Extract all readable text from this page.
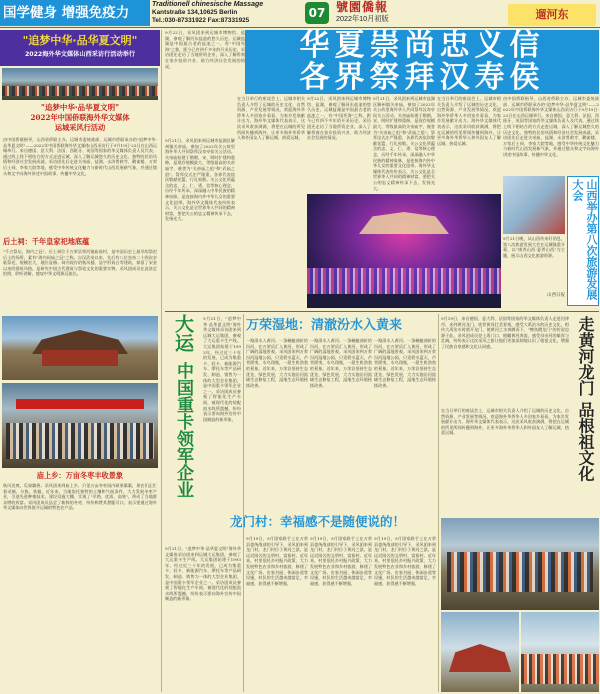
国学健身 增强免疫力
Traditionell chinesische Massage
Kantstraße 134,10625 Berlin
Tel.:030-87331922 Fax:87331925
07 號園僑報
2022年10月初版	遛河东
"追梦中华·品华夏文明"
2022海外华文媒体山西采访行活动举行
"追梦中华·品华夏文明"
2022年中国侨联海外华文媒体
运城采风行活动
由中国侨联指导，山西省侨联主办，运城市委统战部、运城市侨联承办的"追梦中华·品华夏文明"——2022年中国侨联海外华文媒体山西采访行于9月19日-23日在山西运城举行。来自德国、意大利、法国、西班牙、英国等国家的华文媒体负责人及代表，通过线上线下相结合的方式走进运城，深入了解运城悠久的历史文化、独特的民俗风情和经济社会发展成就。采访团先后走进关帝庙、盐湖、永济普救寺、鹳雀楼、万荣后土祠、李家大院等地，感受中华传统文化魅力与新时代山西发展新气象，并通过镜头和文字向海外讲述中国故事、传播中华文化。
后土祠：千年皇家祀地底蕴
"千古祭坛，海内之冠"。后土祠位于万荣县荣河镇庙前村，是中国历史上最早的祭祀后土的场所，素有"海内祠庙之冠"之称。自汉武帝以来，先后有八位皇帝二十四次亲临祭祀，规模宏大，地位显赫。祠内现存的秋风楼、品字形戏台等建筑，保留了宋金以来的建筑风格，是研究中国古代建筑与祭祀文化的重要实物。采风团成员在此驻足拍照，聆听讲解，感叹中华文明源远流长。
庙上乡：万亩冬枣丰收景象
秋风送爽，瓜果飘香。采风团来到庙上乡，只见万亩冬枣园内硕果累累，果农们正忙着采摘、分拣、装箱。近年来，当地依托独特的土壤和气候条件，大力发展冬枣产业，引进先进种植技术，建设设施大棚，实现了"早熟、优质、高效"，带动了当地群众增收致富。采风团成员品尝了新鲜的冬枣，纷纷称赞其甜脆可口，表示要通过海外华文媒体向世界推介运城的特色农产品。
9月22日，采风团来到运城市博物馆、盐湖，参观了解河东盐池的悠久历史。运城盐湖是中国最古老的盐池之一，有"中国死海"之称，距今已有四千多年的开采历史。采访团还走访了当地侨资企业，深入了解侨商在家乡投资兴业、助力经济社会发展的情况。
华夏崇尚忠义信
各界祭拜汉寿侯
9月21日，采风团来到运城市盐湖区解州镇关帝庙，参加了2022年关公故里海外华人共同祭拜汉寿亭侯关公活动。关帝庙始建于隋朝，宋、明时扩建和重修，是现存规模最大、等级最高的关帝庙宇，被誉为"关帝庙之祖"和"武庙之祖"。祭拜仪式庄严隆重，各界代表依次敬献花篮、行礼致敬。关公文化所蕴含的忠、义、仁、勇、信等核心理念，历经千年传承，深深融入中华民族的精神血脉，是连接海内外中华儿女的重要文化纽带。海外华文媒体代表纷纷表示，关公文化是全世界华人共同的精神财富，要把关公的忠义精神传承下去，发扬光大。
在当日举行的座谈会上，运城市相关负责人介绍了运城的历史文化、自然资源、产业发展等情况，欢迎海外华侨华人多回家乡看看，为家乡发展献计出力。海外华文媒体代表表示，这次采风收获满满，将把在运城的所见所闻传播到海外，让更多海外华侨华人和外国友人了解运城、热爱运城。
9月22日，采风团来到运城市博物馆、盐湖，参观了解河东盐池的悠久历史。运城盐湖是中国最古老的盐池之一，有"中国死海"之称，距今已有四千多年的开采历史。采访团还走访了当地侨资企业，深入了解侨商在家乡投资兴业、助力经济社会发展的情况。
9月21日，采风团来到运城市盐湖区解州镇关帝庙，参加了2022年关公故里海外华人共同祭拜汉寿亭侯关公活动。关帝庙始建于隋朝，宋、明时扩建和重修，是现存规模最大、等级最高的关帝庙宇，被誉为"关帝庙之祖"和"武庙之祖"。祭拜仪式庄严隆重，各界代表依次敬献花篮、行礼致敬。关公文化所蕴含的忠、义、仁、勇、信等核心理念，历经千年传承，深深融入中华民族的精神血脉，是连接海内外中华儿女的重要文化纽带。海外华文媒体代表纷纷表示，关公文化是全世界华人共同的精神财富，要把关公的忠义精神传承下去，发扬光大。
在当日举行的座谈会上，运城市相关负责人介绍了运城的历史文化、自然资源、产业发展等情况，欢迎海外华侨华人多回家乡看看，为家乡发展献计出力。海外华文媒体代表表示，这次采风收获满满，将把在运城的所见所闻传播到海外，让更多海外华侨华人和外国友人了解运城、热爱运城。
由中国侨联指导，山西省侨联主办，运城市委统战部、运城市侨联承办的"追梦中华·品华夏文明"——2022年中国侨联海外华文媒体山西采访行于9月19日-23日在山西运城举行。来自德国、意大利、法国、西班牙、英国等国家的华文媒体负责人及代表，通过线上线下相结合的方式走进运城，深入了解运城悠久的历史文化、独特的民俗风情和经济社会发展成就。采访团先后走进关帝庙、盐湖、永济普救寺、鹳雀楼、万荣后土祠、李家大院等地，感受中华传统文化魅力与新时代山西发展新气象，并通过镜头和文字向海外讲述中国故事、传播中华文化。
9月21日晚，从山西传来好消息，第八次旅游发展大会在运城隆重开幕，以"康养山西·夏养山西"为主题，展示山西文化旅游资源。
山西日报	山西举办第八次旅游发展大会
大运
中国重卡领军企业
9月21日，"追梦中华·品华夏文明"海外华文媒体采访团来到运城大运集团，参观了大运重卡生产线。大运集团始建于1993年，经过近三十年的发展，已成为集重卡、轻卡、新能源汽车、摩托车等产品研发、制造、销售为一体的大型企业集团，是中国重卡领军企业之一。采访团成员参观了智能化生产车间，被现代化的装配流水线所震撼，纷纷表示要向海外宣传中国制造的新形象。
9月21日，"追梦中华·品华夏文明"海外华文媒体采访团来到运城大运集团，参观了大运重卡生产线。大运集团始建于1993年，经过近三十年的发展，已成为集重卡、轻卡、新能源汽车、摩托车等产品研发、制造、销售为一体的大型企业集团，是中国重卡领军企业之一。采访团成员参观了智能化生产车间，被现代化的装配流水线所震撼，纷纷表示要向海外宣传中国制造的新形象。
万荣湿地：清澈汾水入黄来
一路清水入黄河。一条蜿蜒曲折的汾河，在万荣县汇入黄河，形成了广阔的湿地景观。采风团来到万荣汾河湿地公园，只见碧水蓝天，芦苇摇曳，水鸟翔集，一派生机勃勃的景象。近年来，万荣县坚持生态优先、绿色发展，大力实施汾河流域生态修复工程，湿地生态环境持续改善。
一路清水入黄河。一条蜿蜒曲折的汾河，在万荣县汇入黄河，形成了广阔的湿地景观。采风团来到万荣汾河湿地公园，只见碧水蓝天，芦苇摇曳，水鸟翔集，一派生机勃勃的景象。近年来，万荣县坚持生态优先、绿色发展，大力实施汾河流域生态修复工程，湿地生态环境持续改善。
一路清水入黄河。一条蜿蜒曲折的汾河，在万荣县汇入黄河，形成了广阔的湿地景观。采风团来到万荣汾河湿地公园，只见碧水蓝天，芦苇摇曳，水鸟翔集，一派生机勃勃的景象。近年来，万荣县坚持生态优先、绿色发展，大力实施汾河流域生态修复工程，湿地生态环境持续改善。
龙门村：幸福感不是随便说的！
9月19日，9月国家联手上在万荣县委统战部的引导下，采风团来到龙门村。龙门村位于黄河之滨，是远近闻名的文明村、富裕村。近年来，村里依托乡村振兴政策，大力发展特色农业和乡村旅游，修建了文化广场、农家书屋、休闲步道等设施，村民的生活越来越富足，幸福感、获得感不断增强。
9月19日，9月国家联手上在万荣县委统战部的引导下，采风团来到龙门村。龙门村位于黄河之滨，是远近闻名的文明村、富裕村。近年来，村里依托乡村振兴政策，大力发展特色农业和乡村旅游，修建了文化广场、农家书屋、休闲步道等设施，村民的生活越来越富足，幸福感、获得感不断增强。
9月19日，9月国家联手上在万荣县委统战部的引导下，采风团来到龙门村。龙门村位于黄河之滨，是远近闻名的文明村、富裕村。近年来，村里依托乡村振兴政策，大力发展特色农业和乡村旅游，修建了文化广场、农家书屋、休闲步道等设施，村民的生活越来越富足，幸福感、获得感不断增强。
9月19日，来自德国、意大利、法国等国家的华文媒体负责人走进河津市，来到黄河龙门，欣赏黄河壮美景观，感受大禹治水的历史文化。相传大禹治水时凿开龙门，使黄河之水奔腾而下，"鲤鱼跳龙门"的传说也源于此。采风团成员登上禹门口，俯瞰黄河奔流，感受母亲河的雄浑与壮阔，纷纷表示这次采风之旅让他们更加深刻地认识了根祖文化，增强了民族自豪感和文化认同感。	走黄河龙门 品根祖文化
在当日举行的座谈会上，运城市相关负责人介绍了运城的历史文化、自然资源、产业发展等情况，欢迎海外华侨华人多回家乡看看，为家乡发展献计出力。海外华文媒体代表表示，这次采风收获满满，将把在运城的所见所闻传播到海外，让更多海外华侨华人和外国友人了解运城、热爱运城。
